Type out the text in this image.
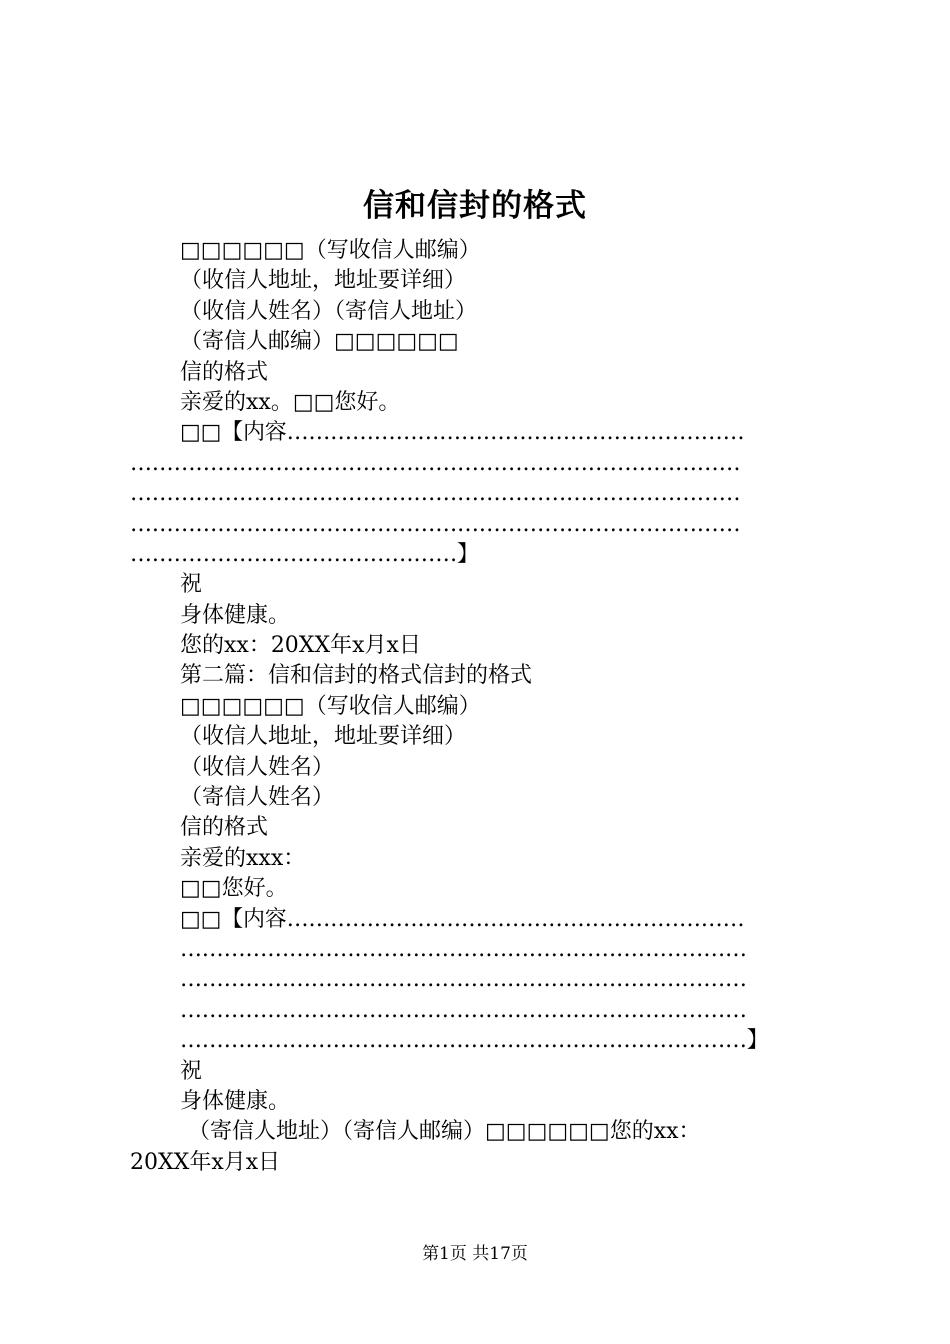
信和信封的格式
□□□□□□（写收信人邮编）
（收信人地址，地址要详细）
（收信人姓名）（寄信人地址）
（寄信人邮编）□□□□□□
信的格式
亲爱的xx。□□您好。
□□【内容………………………………………………………
…………………………………………………………………………
…………………………………………………………………………
…………………………………………………………………………
………………………………………】
祝
身体健康。
您的xx：20XX年x月x日
第二篇：信和信封的格式信封的格式
□□□□□□（写收信人邮编）
（收信人地址，地址要详细）
（收信人姓名）
（寄信人姓名）
信的格式
亲爱的xxx：
□□您好。
□□【内容………………………………………………………
……………………………………………………………………
……………………………………………………………………
……………………………………………………………………
……………………………………………………………………】
祝
身体健康。
（寄信人地址）（寄信人邮编）□□□□□□您的xx：
20XX年x月x日
第1页 共17页
